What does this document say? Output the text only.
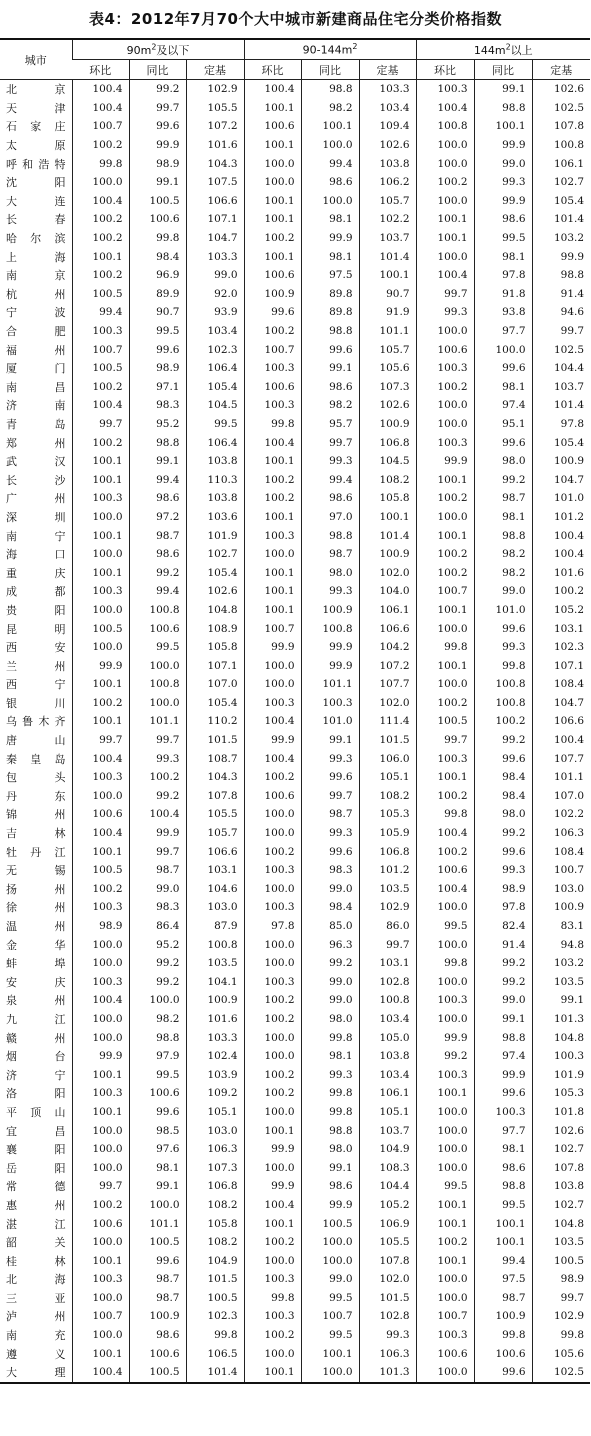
表4：2012年7月70个大中城市新建商品住宅分类价格指数
城市	$90m^2$及以下			$90-144m^2$			$144m^2$以上		
	环比	同比	定基	环比	同比	定基	环比	同比	定基
北　京	100.4	99.2	102.9	100.4	98.8	103.3	100.3	99.1	102.6
天　津	100.4	99.7	105.5	100.1	98.2	103.4	100.4	98.8	102.5
石家庄	100.7	99.6	107.2	100.6	100.1	109.4	100.8	100.1	107.8
太　原	100.2	99.9	101.6	100.1	100.0	102.6	100.0	99.9	100.8
呼和浩特	99.8	98.9	104.3	100.0	99.4	103.8	100.0	99.0	106.1
沈　阳	100.0	99.1	107.5	100.0	98.6	106.2	100.2	99.3	102.7
大　连	100.4	100.5	106.6	100.1	100.0	105.7	100.0	99.9	105.4
长　春	100.2	100.6	107.1	100.1	98.1	102.2	100.1	98.6	101.4
哈尔滨	100.2	99.8	104.7	100.2	99.9	103.7	100.1	99.5	103.2
上　海	100.1	98.4	103.3	100.1	98.1	101.4	100.0	98.1	99.9
南　京	100.2	96.9	99.0	100.6	97.5	100.1	100.4	97.8	98.8
杭　州	100.5	89.9	92.0	100.9	89.8	90.7	99.7	91.8	91.4
宁　波	99.4	90.7	93.9	99.6	89.8	91.9	99.3	93.8	94.6
合　肥	100.3	99.5	103.4	100.2	98.8	101.1	100.0	97.7	99.7
福　州	100.7	99.6	102.3	100.7	99.6	105.7	100.6	100.0	102.5
厦　门	100.5	98.9	106.4	100.3	99.1	105.6	100.3	99.6	104.4
南　昌	100.2	97.1	105.4	100.6	98.6	107.3	100.2	98.1	103.7
济　南	100.4	98.3	104.5	100.3	98.2	102.6	100.0	97.4	101.4
青　岛	99.7	95.2	99.5	99.8	95.7	100.9	100.0	95.1	97.8
郑　州	100.2	98.8	106.4	100.4	99.7	106.8	100.3	99.6	105.4
武　汉	100.1	99.1	103.8	100.1	99.3	104.5	99.9	98.0	100.9
长　沙	100.1	99.4	110.3	100.2	99.4	108.2	100.1	99.2	104.7
广　州	100.3	98.6	103.8	100.2	98.6	105.8	100.2	98.7	101.0
深　圳	100.0	97.2	103.6	100.1	97.0	100.1	100.0	98.1	101.2
南　宁	100.1	98.7	101.9	100.3	98.8	101.4	100.1	98.8	100.4
海　口	100.0	98.6	102.7	100.0	98.7	100.9	100.2	98.2	100.4
重　庆	100.1	99.2	105.4	100.1	98.0	102.0	100.2	98.2	101.6
成　都	100.3	99.4	102.6	100.1	99.3	104.0	100.7	99.0	100.2
贵　阳	100.0	100.8	104.8	100.1	100.9	106.1	100.1	101.0	105.2
昆　明	100.5	100.6	108.9	100.7	100.8	106.6	100.0	99.6	103.1
西　安	100.0	99.5	105.8	99.9	99.9	104.2	99.8	99.3	102.3
兰　州	99.9	100.0	107.1	100.0	99.9	107.2	100.1	99.8	107.1
西　宁	100.1	100.8	107.0	100.0	101.1	107.7	100.0	100.8	108.4
银　川	100.2	100.0	105.4	100.3	100.3	102.0	100.2	100.8	104.7
乌鲁木齐	100.1	101.1	110.2	100.4	101.0	111.4	100.5	100.2	106.6
唐　山	99.7	99.7	101.5	99.9	99.1	101.5	99.7	99.2	100.4
秦皇岛	100.4	99.3	108.7	100.4	99.3	106.0	100.3	99.6	107.7
包　头	100.3	100.2	104.3	100.2	99.6	105.1	100.1	98.4	101.1
丹　东	100.0	99.2	107.8	100.6	99.7	108.2	100.2	98.4	107.0
锦　州	100.6	100.4	105.5	100.0	98.7	105.3	99.8	98.0	102.2
吉　林	100.4	99.9	105.7	100.0	99.3	105.9	100.4	99.2	106.3
牡丹江	100.1	99.7	106.6	100.2	99.6	106.8	100.2	99.6	108.4
无　锡	100.5	98.7	103.1	100.3	98.3	101.2	100.6	99.3	100.7
扬　州	100.2	99.0	104.6	100.0	99.0	103.5	100.4	98.9	103.0
徐　州	100.3	98.3	103.0	100.3	98.4	102.9	100.0	97.8	100.9
温　州	98.9	86.4	87.9	97.8	85.0	86.0	99.5	82.4	83.1
金　华	100.0	95.2	100.8	100.0	96.3	99.7	100.0	91.4	94.8
蚌　埠	100.0	99.2	103.5	100.0	99.2	103.1	99.8	99.2	103.2
安　庆	100.3	99.2	104.1	100.3	99.0	102.8	100.0	99.2	103.5
泉　州	100.4	100.0	100.9	100.2	99.0	100.8	100.3	99.0	99.1
九　江	100.0	98.2	101.6	100.2	98.0	103.4	100.0	99.1	101.3
赣　州	100.0	98.8	103.3	100.0	99.8	105.0	99.9	98.8	104.8
烟　台	99.9	97.9	102.4	100.0	98.1	103.8	99.2	97.4	100.3
济　宁	100.1	99.5	103.9	100.2	99.3	103.4	100.3	99.9	101.9
洛　阳	100.3	100.6	109.2	100.2	99.8	106.1	100.1	99.6	105.3
平顶山	100.1	99.6	105.1	100.0	99.8	105.1	100.0	100.3	101.8
宜　昌	100.0	98.5	103.0	100.1	98.8	103.7	100.0	97.7	102.6
襄　阳	100.0	97.6	106.3	99.9	98.0	104.9	100.0	98.1	102.7
岳　阳	100.0	98.1	107.3	100.0	99.1	108.3	100.0	98.6	107.8
常　德	99.7	99.1	106.8	99.9	98.6	104.4	99.5	98.8	103.8
惠　州	100.2	100.0	108.2	100.4	99.9	105.2	100.1	99.5	102.7
湛　江	100.6	101.1	105.8	100.1	100.5	106.9	100.1	100.1	104.8
韶　关	100.0	100.5	108.2	100.2	100.0	105.5	100.2	100.1	103.5
桂　林	100.1	99.6	104.9	100.0	100.0	107.8	100.1	99.4	100.5
北　海	100.3	98.7	101.5	100.3	99.0	102.0	100.0	97.5	98.9
三　亚	100.0	98.7	100.5	99.8	99.5	101.5	100.0	98.7	99.7
泸　州	100.7	100.9	102.3	100.3	100.7	102.8	100.7	100.9	102.9
南　充	100.0	98.6	99.8	100.2	99.5	99.3	100.3	99.8	99.8
遵　义	100.1	100.6	106.5	100.0	100.1	106.3	100.6	100.6	105.6
大　理	100.4	100.5	101.4	100.1	100.0	101.3	100.0	99.6	102.5
